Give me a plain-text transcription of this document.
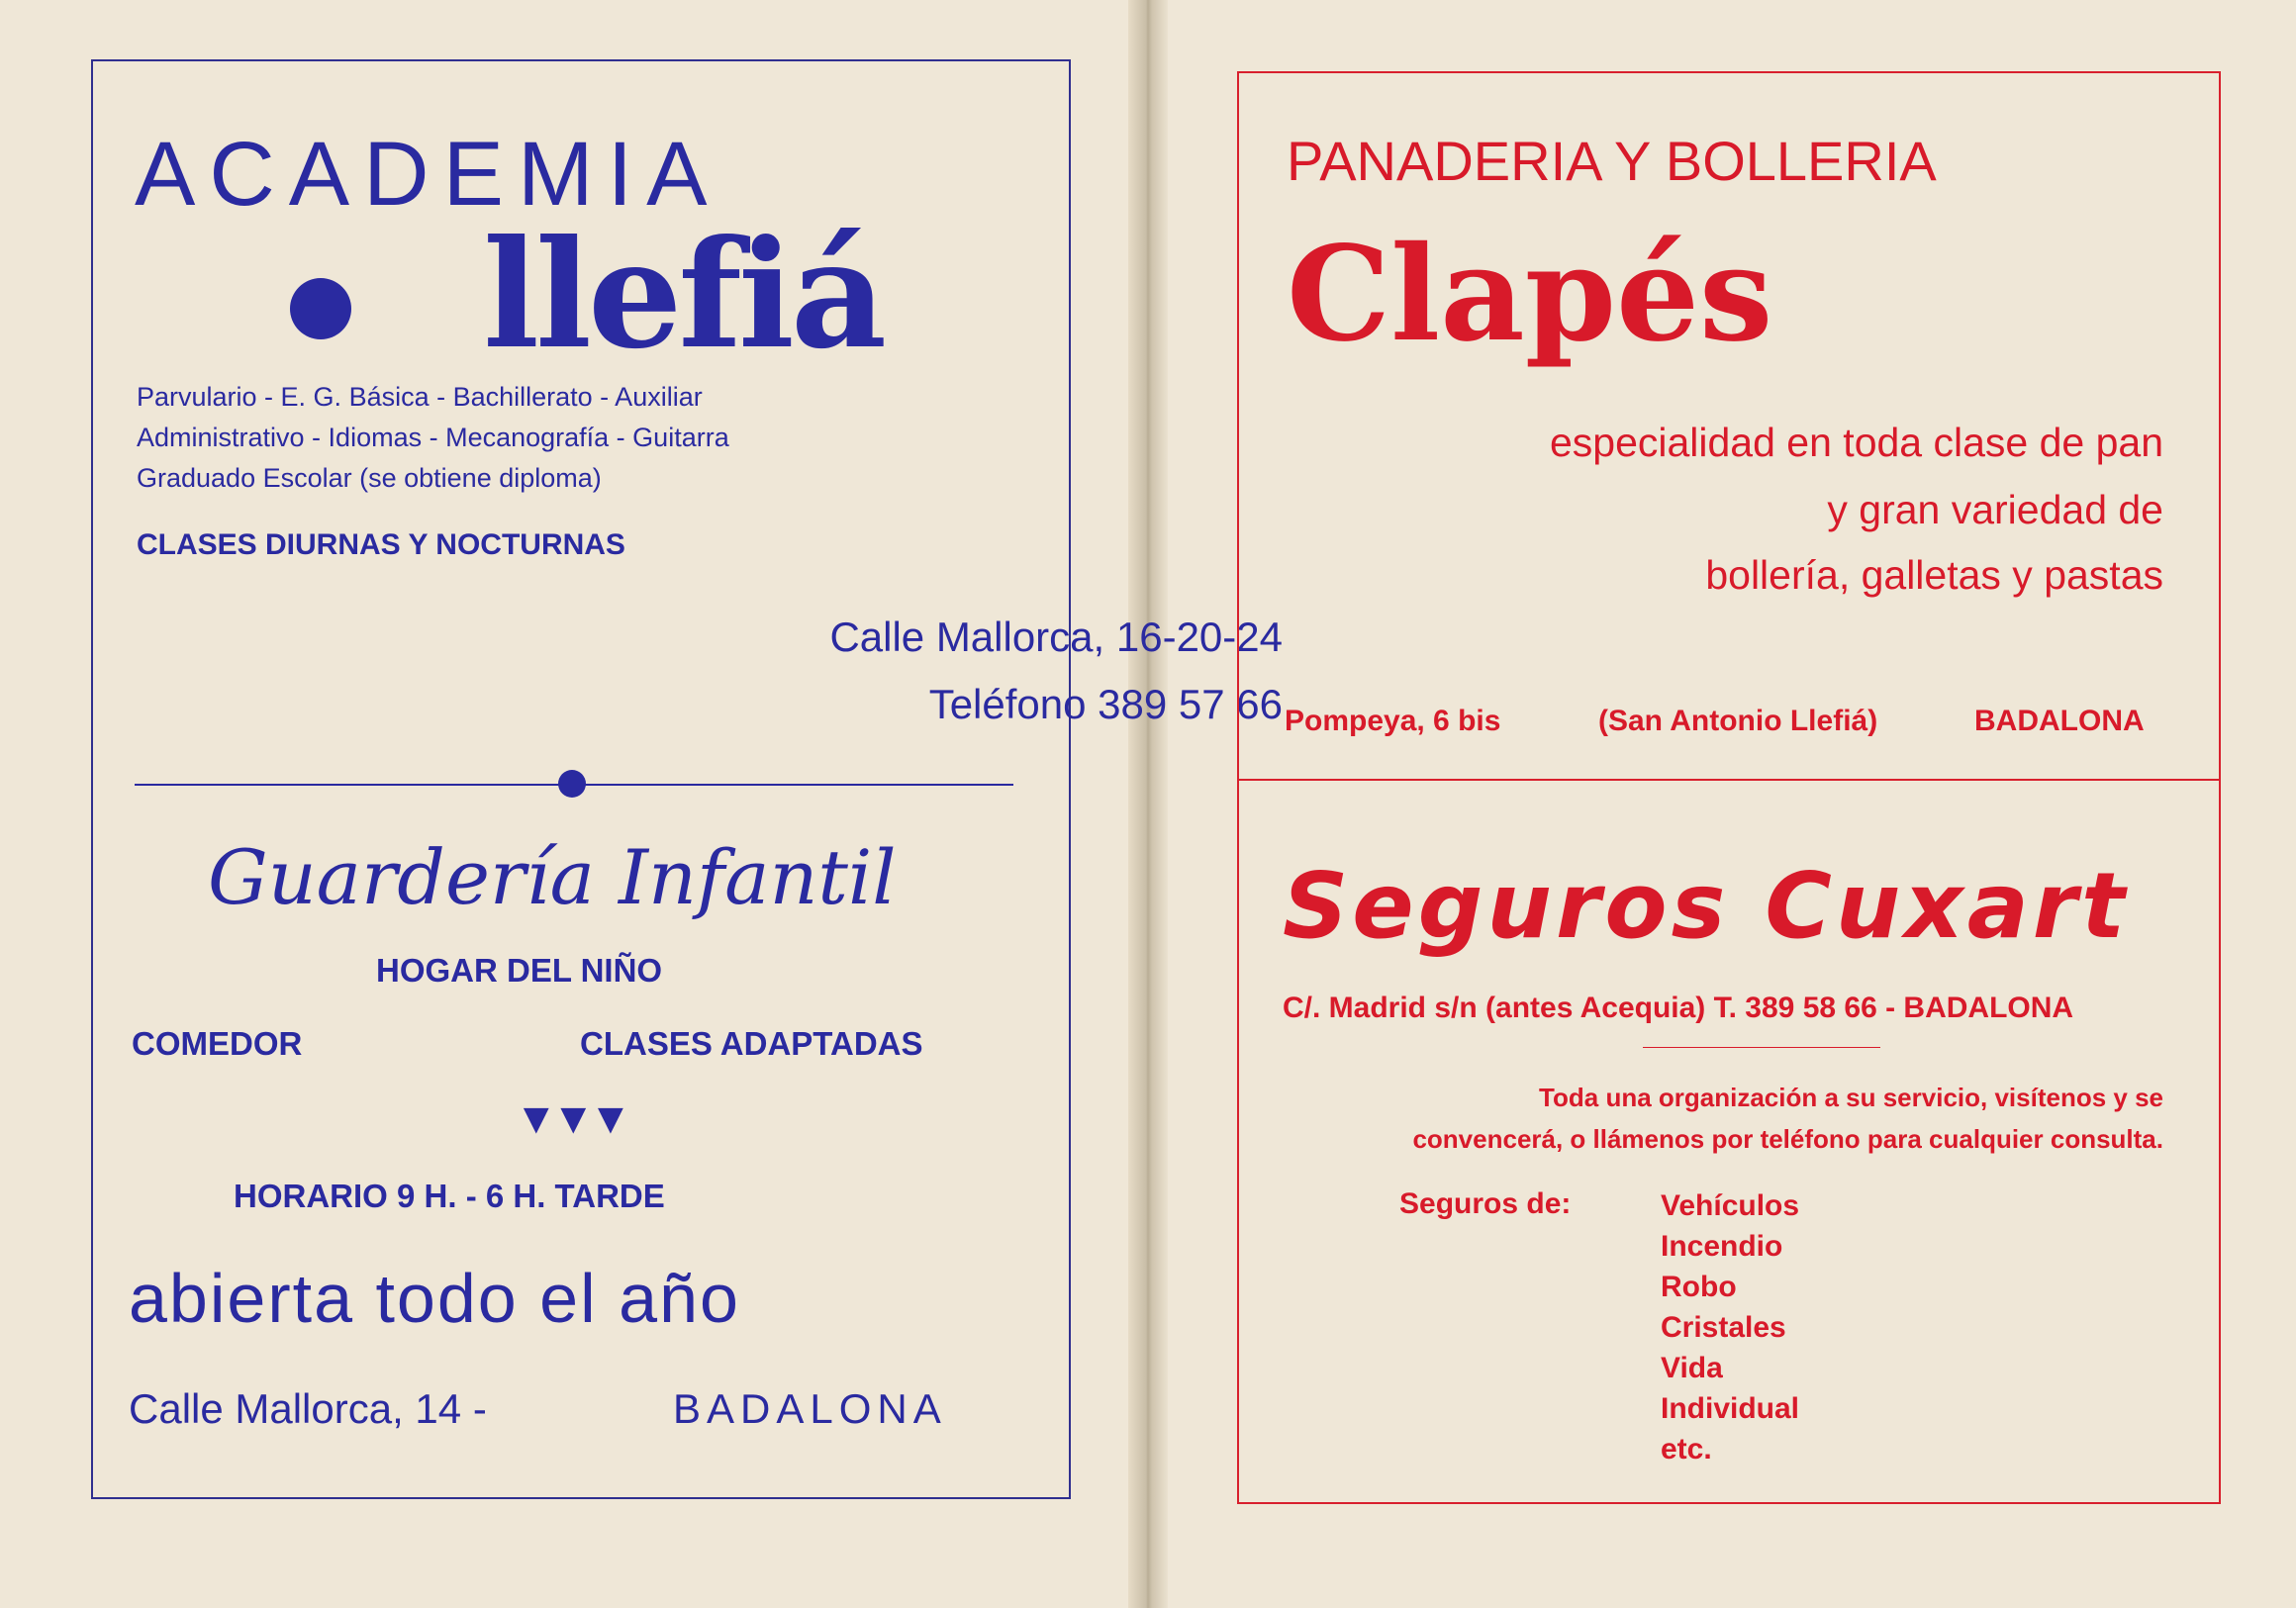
ACADEMIA
llefiá
Parvulario - E. G. Básica - Bachillerato - Auxiliar
Administrativo - Idiomas - Mecanografía - Guitarra
Graduado Escolar (se obtiene diploma)
CLASES DIURNAS Y NOCTURNAS
Calle Mallorca, 16-20-24
Teléfono 389 57 66
Guardería Infantil
HOGAR DEL NIÑO
COMEDOR	CLASES ADAPTADAS
▼▼▼
HORARIO 9 H. - 6 H. TARDE
abierta todo el año
Calle Mallorca, 14 -	BADALONA
PANADERIA Y BOLLERIA
Clapés
especialidad en toda clase de pan
y gran variedad de
bollería, galletas y pastas
Pompeya, 6 bis	(San Antonio Llefiá)	BADALONA
Seguros Cuxart
C/. Madrid s/n (antes Acequia) T. 389 58 66 - BADALONA
Toda una organización a su servicio, visítenos y se
convencerá, o llámenos por teléfono para cualquier consulta.
Seguros de:	Vehículos
Incendio
Robo
Cristales
Vida
Individual
etc.
